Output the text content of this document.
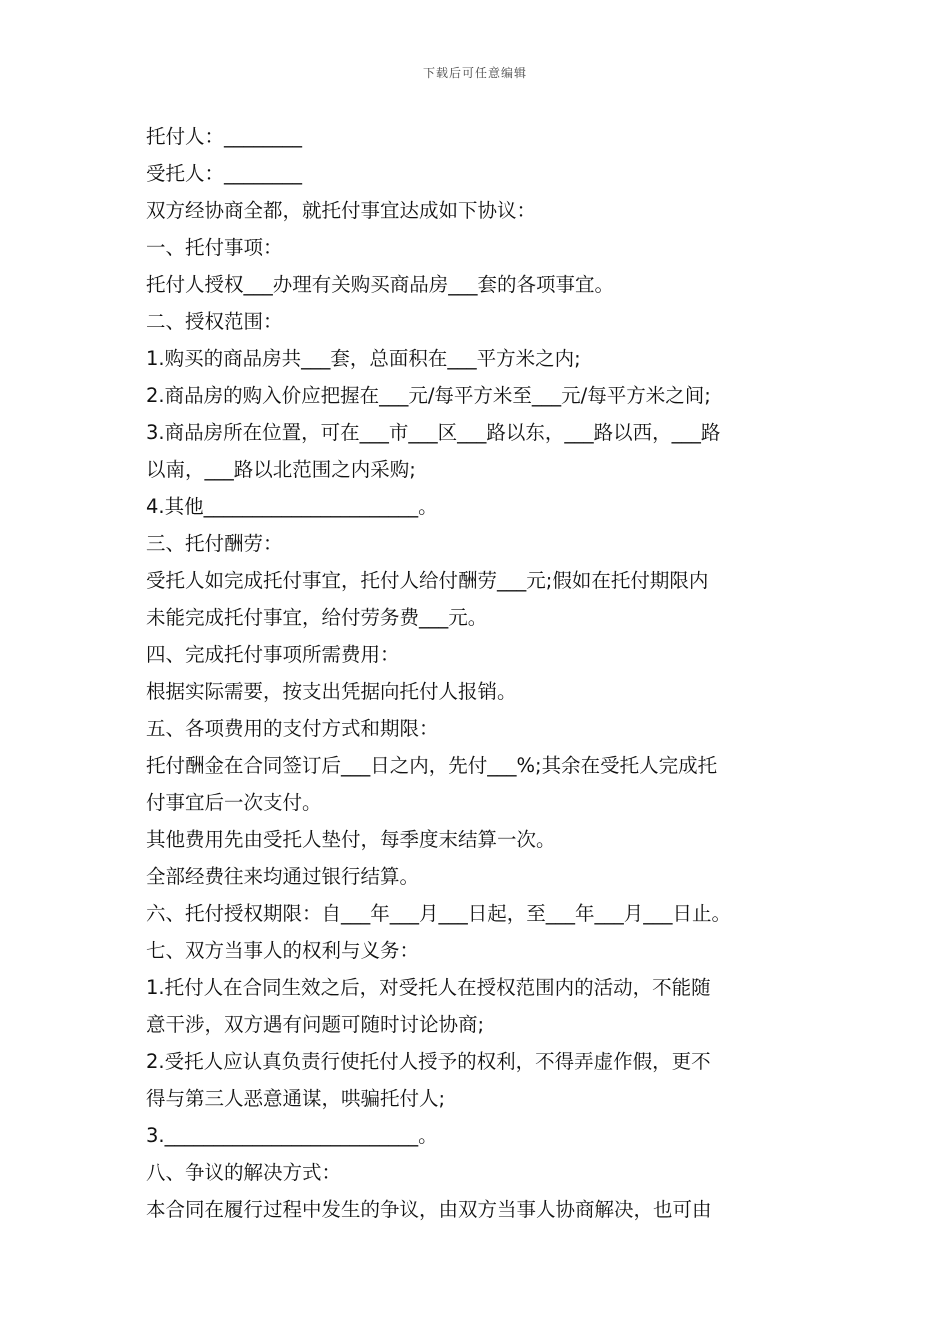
下载后可任意编辑
托付人：________
受托人：________
双方经协商全都，就托付事宜达成如下协议：
一、托付事项：
托付人授权___办理有关购买商品房___套的各项事宜。
二、授权范围：
1.购买的商品房共___套，总面积在___平方米之内;
2.商品房的购入价应把握在___元/每平方米至___元/每平方米之间;
3.商品房所在位置，可在___市___区___路以东，___路以西，___路
以南，___路以北范围之内采购;
4.其他______________________。
三、托付酬劳：
受托人如完成托付事宜，托付人给付酬劳___元;假如在托付期限内
未能完成托付事宜，给付劳务费___元。
四、完成托付事项所需费用：
根据实际需要，按支出凭据向托付人报销。
五、各项费用的支付方式和期限：
托付酬金在合同签订后___日之内，先付___%;其余在受托人完成托
付事宜后一次支付。
其他费用先由受托人垫付，每季度末结算一次。
全部经费往来均通过银行结算。
六、托付授权期限：自___年___月___日起，至___年___月___日止。
七、双方当事人的权利与义务：
1.托付人在合同生效之后，对受托人在授权范围内的活动，不能随
意干涉，双方遇有问题可随时讨论协商;
2.受托人应认真负责行使托付人授予的权利，不得弄虚作假，更不
得与第三人恶意通谋，哄骗托付人;
3.__________________________。
八、争议的解决方式：
本合同在履行过程中发生的争议，由双方当事人协商解决，也可由
